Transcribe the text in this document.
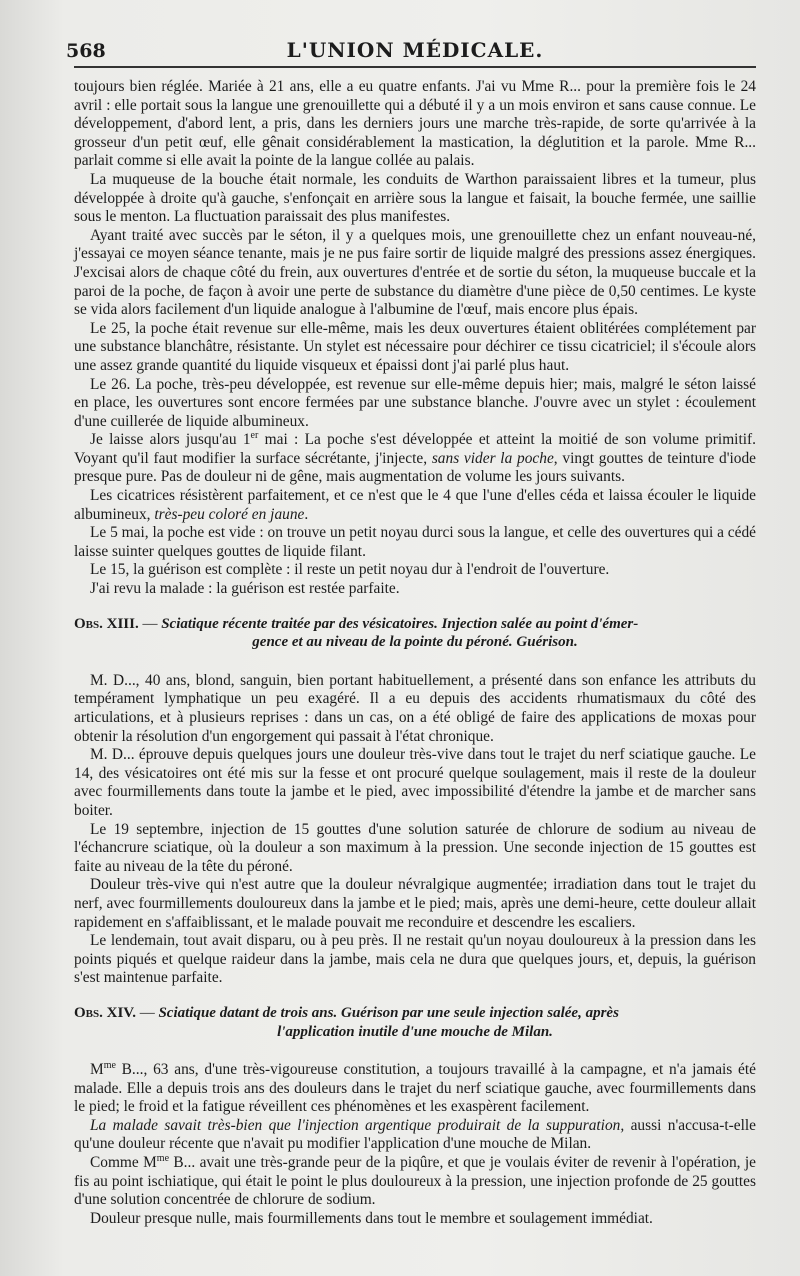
568	L'UNION MÉDICALE.

toujours bien réglée. Mariée à 21 ans, elle a eu quatre enfants. J'ai vu Mme R... pour la première fois le 24 avril : elle portait sous la langue une grenouillette qui a débuté il y a un mois environ et sans cause connue. Le développement, d'abord lent, a pris, dans les derniers jours une marche très-rapide, de sorte qu'arrivée à la grosseur d'un petit œuf, elle gênait considérablement la mastication, la déglutition et la parole. Mme R... parlait comme si elle avait la pointe de la langue collée au palais.

La muqueuse de la bouche était normale, les conduits de Warthon paraissaient libres et la tumeur, plus développée à droite qu'à gauche, s'enfonçait en arrière sous la langue et faisait, la bouche fermée, une saillie sous le menton. La fluctuation paraissait des plus manifestes.

Ayant traité avec succès par le séton, il y a quelques mois, une grenouillette chez un enfant nouveau-né, j'essayai ce moyen séance tenante, mais je ne pus faire sortir de liquide malgré des pressions assez énergiques. J'excisai alors de chaque côté du frein, aux ouvertures d'entrée et de sortie du séton, la muqueuse buccale et la paroi de la poche, de façon à avoir une perte de substance du diamètre d'une pièce de 0,50 centimes. Le kyste se vida alors facilement d'un liquide analogue à l'albumine de l'œuf, mais encore plus épais.

Le 25, la poche était revenue sur elle-même, mais les deux ouvertures étaient oblitérées complétement par une substance blanchâtre, résistante. Un stylet est nécessaire pour déchirer ce tissu cicatriciel; il s'écoule alors une assez grande quantité du liquide visqueux et épaissi dont j'ai parlé plus haut.

Le 26. La poche, très-peu développée, est revenue sur elle-même depuis hier; mais, malgré le séton laissé en place, les ouvertures sont encore fermées par une substance blanche. J'ouvre avec un stylet : écoulement d'une cuillerée de liquide albumineux.

Je laisse alors jusqu'au 1er mai : La poche s'est développée et atteint la moitié de son volume primitif. Voyant qu'il faut modifier la surface sécrétante, j'injecte, sans vider la poche, vingt gouttes de teinture d'iode presque pure. Pas de douleur ni de gêne, mais augmentation de volume les jours suivants.

Les cicatrices résistèrent parfaitement, et ce n'est que le 4 que l'une d'elles céda et laissa écouler le liquide albumineux, très-peu coloré en jaune.

Le 5 mai, la poche est vide : on trouve un petit noyau durci sous la langue, et celle des ouvertures qui a cédé laisse suinter quelques gouttes de liquide filant.

Le 15, la guérison est complète : il reste un petit noyau dur à l'endroit de l'ouverture.

J'ai revu la malade : la guérison est restée parfaite.

Obs. XIII. — Sciatique récente traitée par des vésicatoires. Injection salée au point d'émer-
gence et au niveau de la pointe du péroné. Guérison.

M. D..., 40 ans, blond, sanguin, bien portant habituellement, a présenté dans son enfance les attributs du tempérament lymphatique un peu exagéré. Il a eu depuis des accidents rhumatismaux du côté des articulations, et à plusieurs reprises : dans un cas, on a été obligé de faire des applications de moxas pour obtenir la résolution d'un engorgement qui passait à l'état chronique.

M. D... éprouve depuis quelques jours une douleur très-vive dans tout le trajet du nerf sciatique gauche. Le 14, des vésicatoires ont été mis sur la fesse et ont procuré quelque soulagement, mais il reste de la douleur avec fourmillements dans toute la jambe et le pied, avec impossibilité d'étendre la jambe et de marcher sans boiter.

Le 19 septembre, injection de 15 gouttes d'une solution saturée de chlorure de sodium au niveau de l'échancrure sciatique, où la douleur a son maximum à la pression. Une seconde injection de 15 gouttes est faite au niveau de la tête du péroné.

Douleur très-vive qui n'est autre que la douleur névralgique augmentée; irradiation dans tout le trajet du nerf, avec fourmillements douloureux dans la jambe et le pied; mais, après une demi-heure, cette douleur allait rapidement en s'affaiblissant, et le malade pouvait me reconduire et descendre les escaliers.

Le lendemain, tout avait disparu, ou à peu près. Il ne restait qu'un noyau douloureux à la pression dans les points piqués et quelque raideur dans la jambe, mais cela ne dura que quelques jours, et, depuis, la guérison s'est maintenue parfaite.

Obs. XIV. — Sciatique datant de trois ans. Guérison par une seule injection salée, après
l'application inutile d'une mouche de Milan.

$M^{me}$ B..., 63 ans, d'une très-vigoureuse constitution, a toujours travaillé à la campagne, et n'a jamais été malade. Elle a depuis trois ans des douleurs dans le trajet du nerf sciatique gauche, avec fourmillements dans le pied; le froid et la fatigue réveillent ces phénomènes et les exaspèrent facilement.

La malade savait très-bien que l'injection argentique produirait de la suppuration, aussi n'accusa-t-elle qu'une douleur récente que n'avait pu modifier l'application d'une mouche de Milan.

Comme $M^{me}$ B... avait une très-grande peur de la piqûre, et que je voulais éviter de revenir à l'opération, je fis au point ischiatique, qui était le point le plus douloureux à la pression, une injection profonde de 25 gouttes d'une solution concentrée de chlorure de sodium.

Douleur presque nulle, mais fourmillements dans tout le membre et soulagement immédiat.
